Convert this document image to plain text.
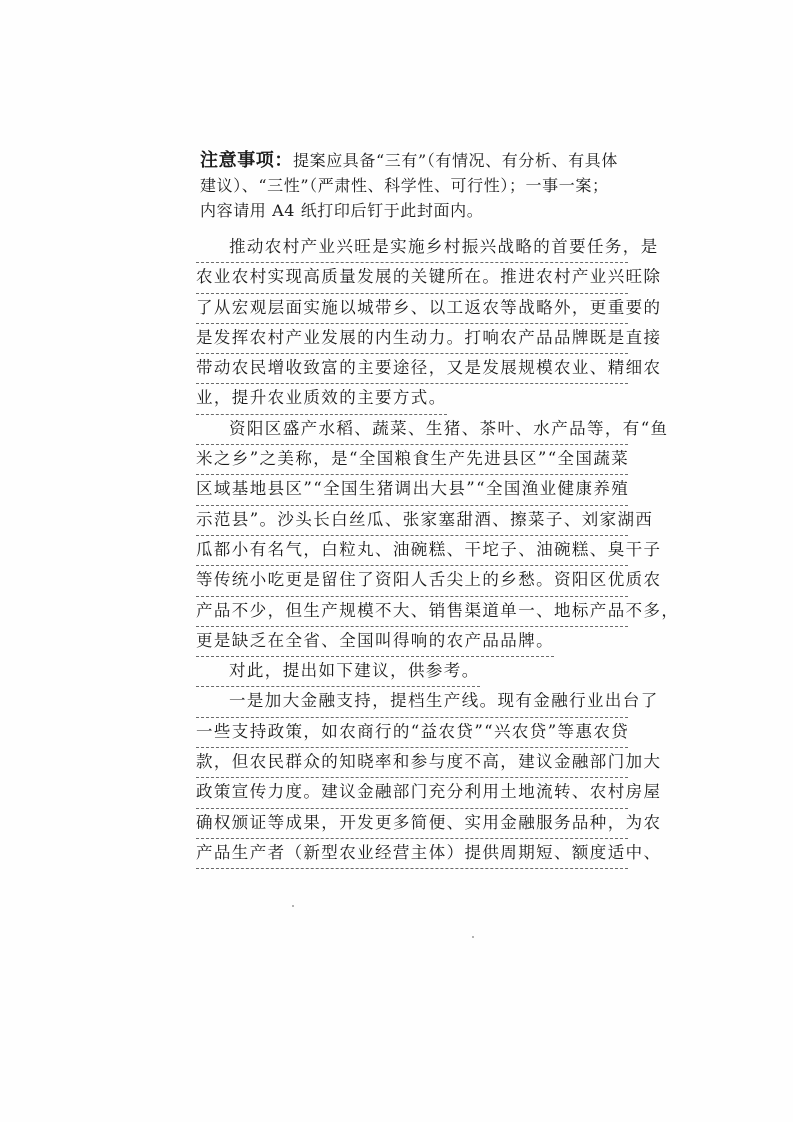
注意事项：提案应具备“三有”（有情况、有分析、有具体
建议）、“三性”（严肃性、科学性、可行性）；一事一案；
内容请用 A4 纸打印后钉于此封面内。
推动农村产业兴旺是实施乡村振兴战略的首要任务，是
农业农村实现高质量发展的关键所在。推进农村产业兴旺除
了从宏观层面实施以城带乡、以工返农等战略外，更重要的
是发挥农村产业发展的内生动力。打响农产品品牌既是直接
带动农民增收致富的主要途径，又是发展规模农业、精细农
业，提升农业质效的主要方式。
资阳区盛产水稻、蔬菜、生猪、茶叶、水产品等，有“鱼
米之乡”之美称，是“全国粮食生产先进县区”“全国蔬菜
区域基地县区”“全国生猪调出大县”“全国渔业健康养殖
示范县”。沙头长白丝瓜、张家塞甜酒、擦菜子、刘家湖西
瓜都小有名气，白粒丸、油碗糕、干坨子、油碗糕、臭干子
等传统小吃更是留住了资阳人舌尖上的乡愁。资阳区优质农
产品不少，但生产规模不大、销售渠道单一、地标产品不多，
更是缺乏在全省、全国叫得响的农产品品牌。
对此，提出如下建议，供参考。
一是加大金融支持，提档生产线。现有金融行业出台了
一些支持政策，如农商行的“益农贷”“兴农贷”等惠农贷
款，但农民群众的知晓率和参与度不高，建议金融部门加大
政策宣传力度。建议金融部门充分利用土地流转、农村房屋
确权颁证等成果，开发更多简便、实用金融服务品种，为农
产品生产者（新型农业经营主体）提供周期短、额度适中、
